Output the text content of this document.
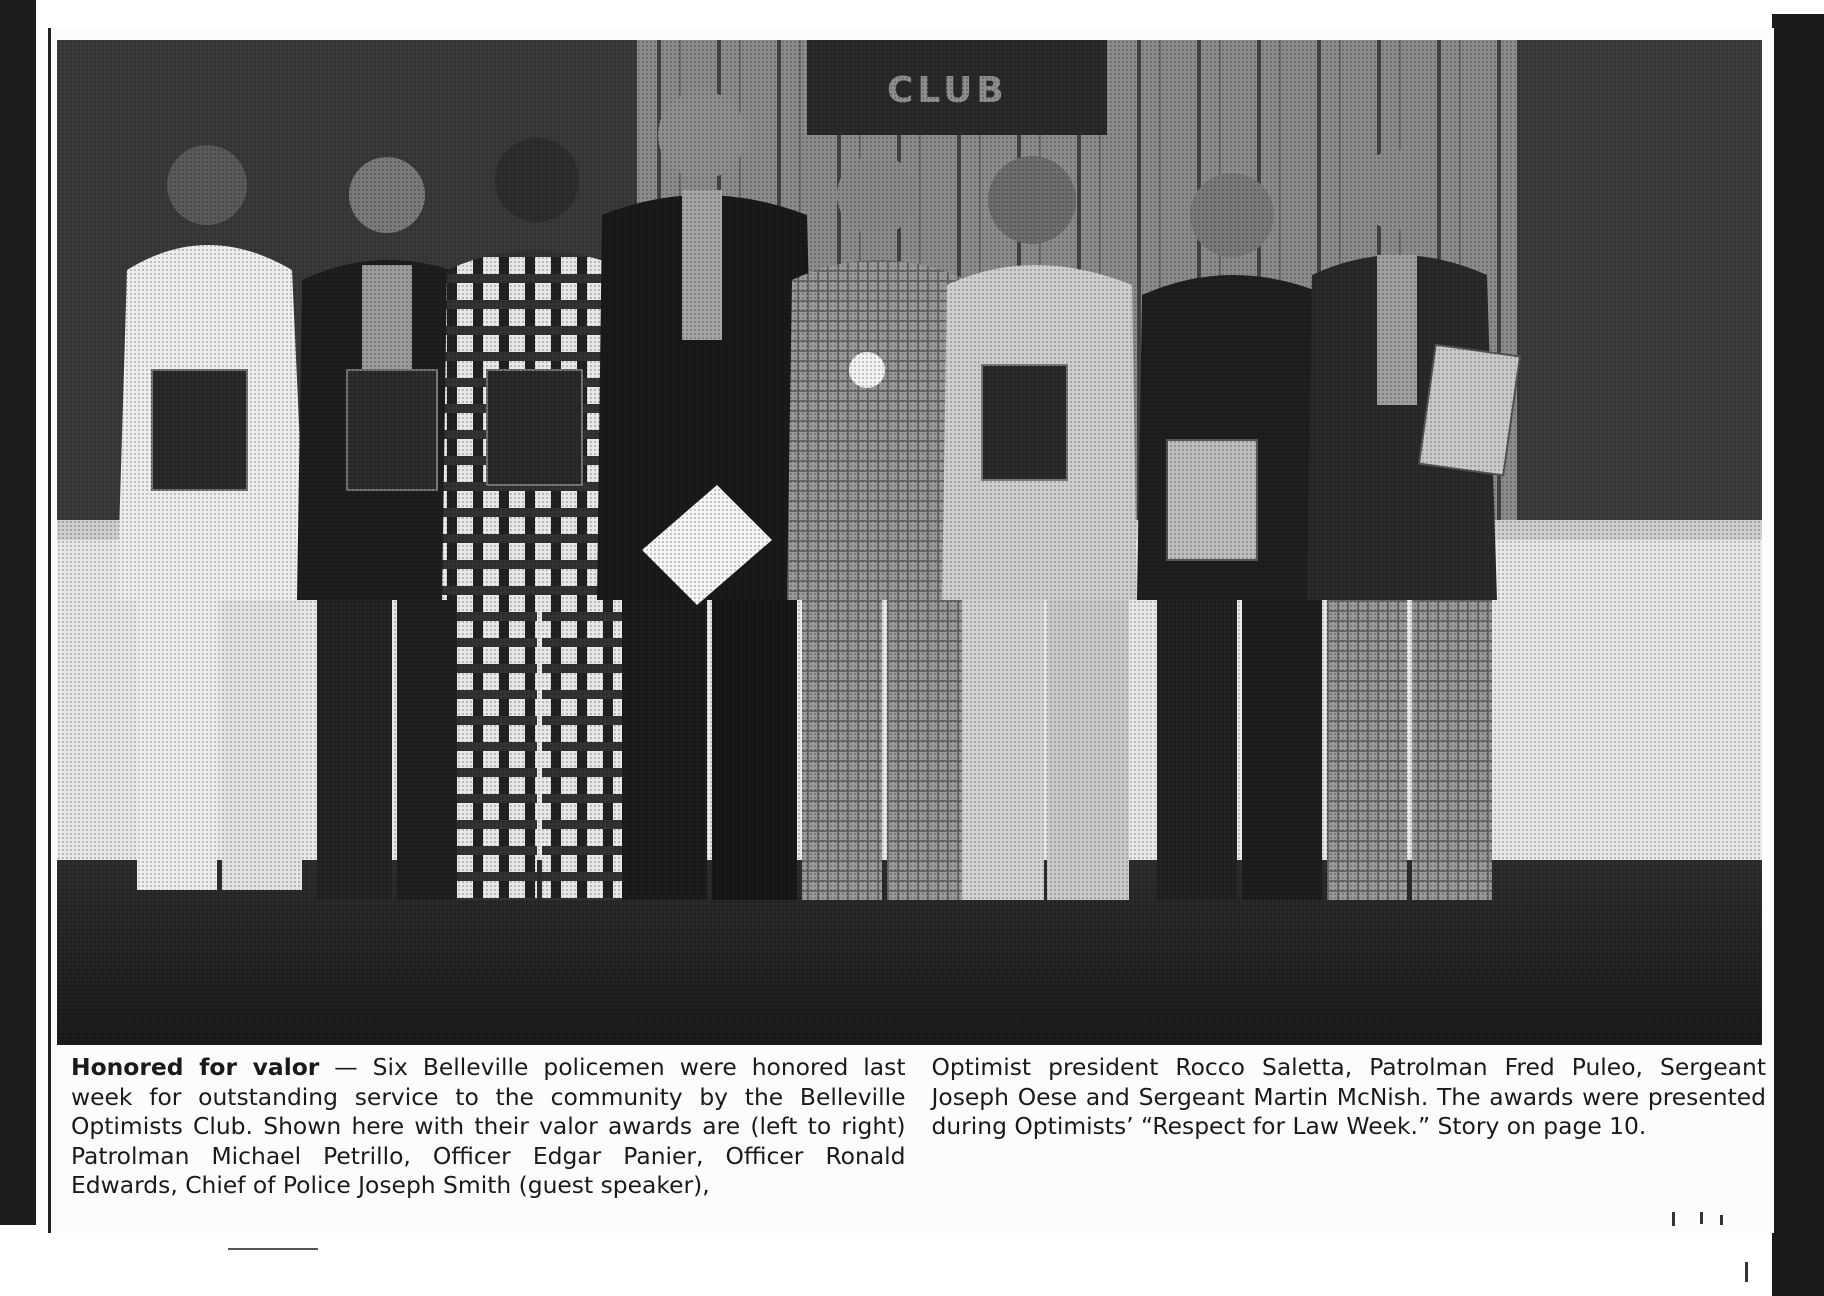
Honored for valor — Six Belleville policemen were honored last week for outstanding service to the community by the Belleville Optimists Club. Shown here with their valor awards are (left to right) Patrolman Michael Petrillo, Officer Edgar Panier, Officer Ronald Edwards, Chief of Police Joseph Smith (guest speaker),

Optimist president Rocco Saletta, Patrolman Fred Puleo, Sergeant Joseph Oese and Sergeant Martin McNish. The awards were presented during Optimists’ “Respect for Law Week.” Story on page 10.
